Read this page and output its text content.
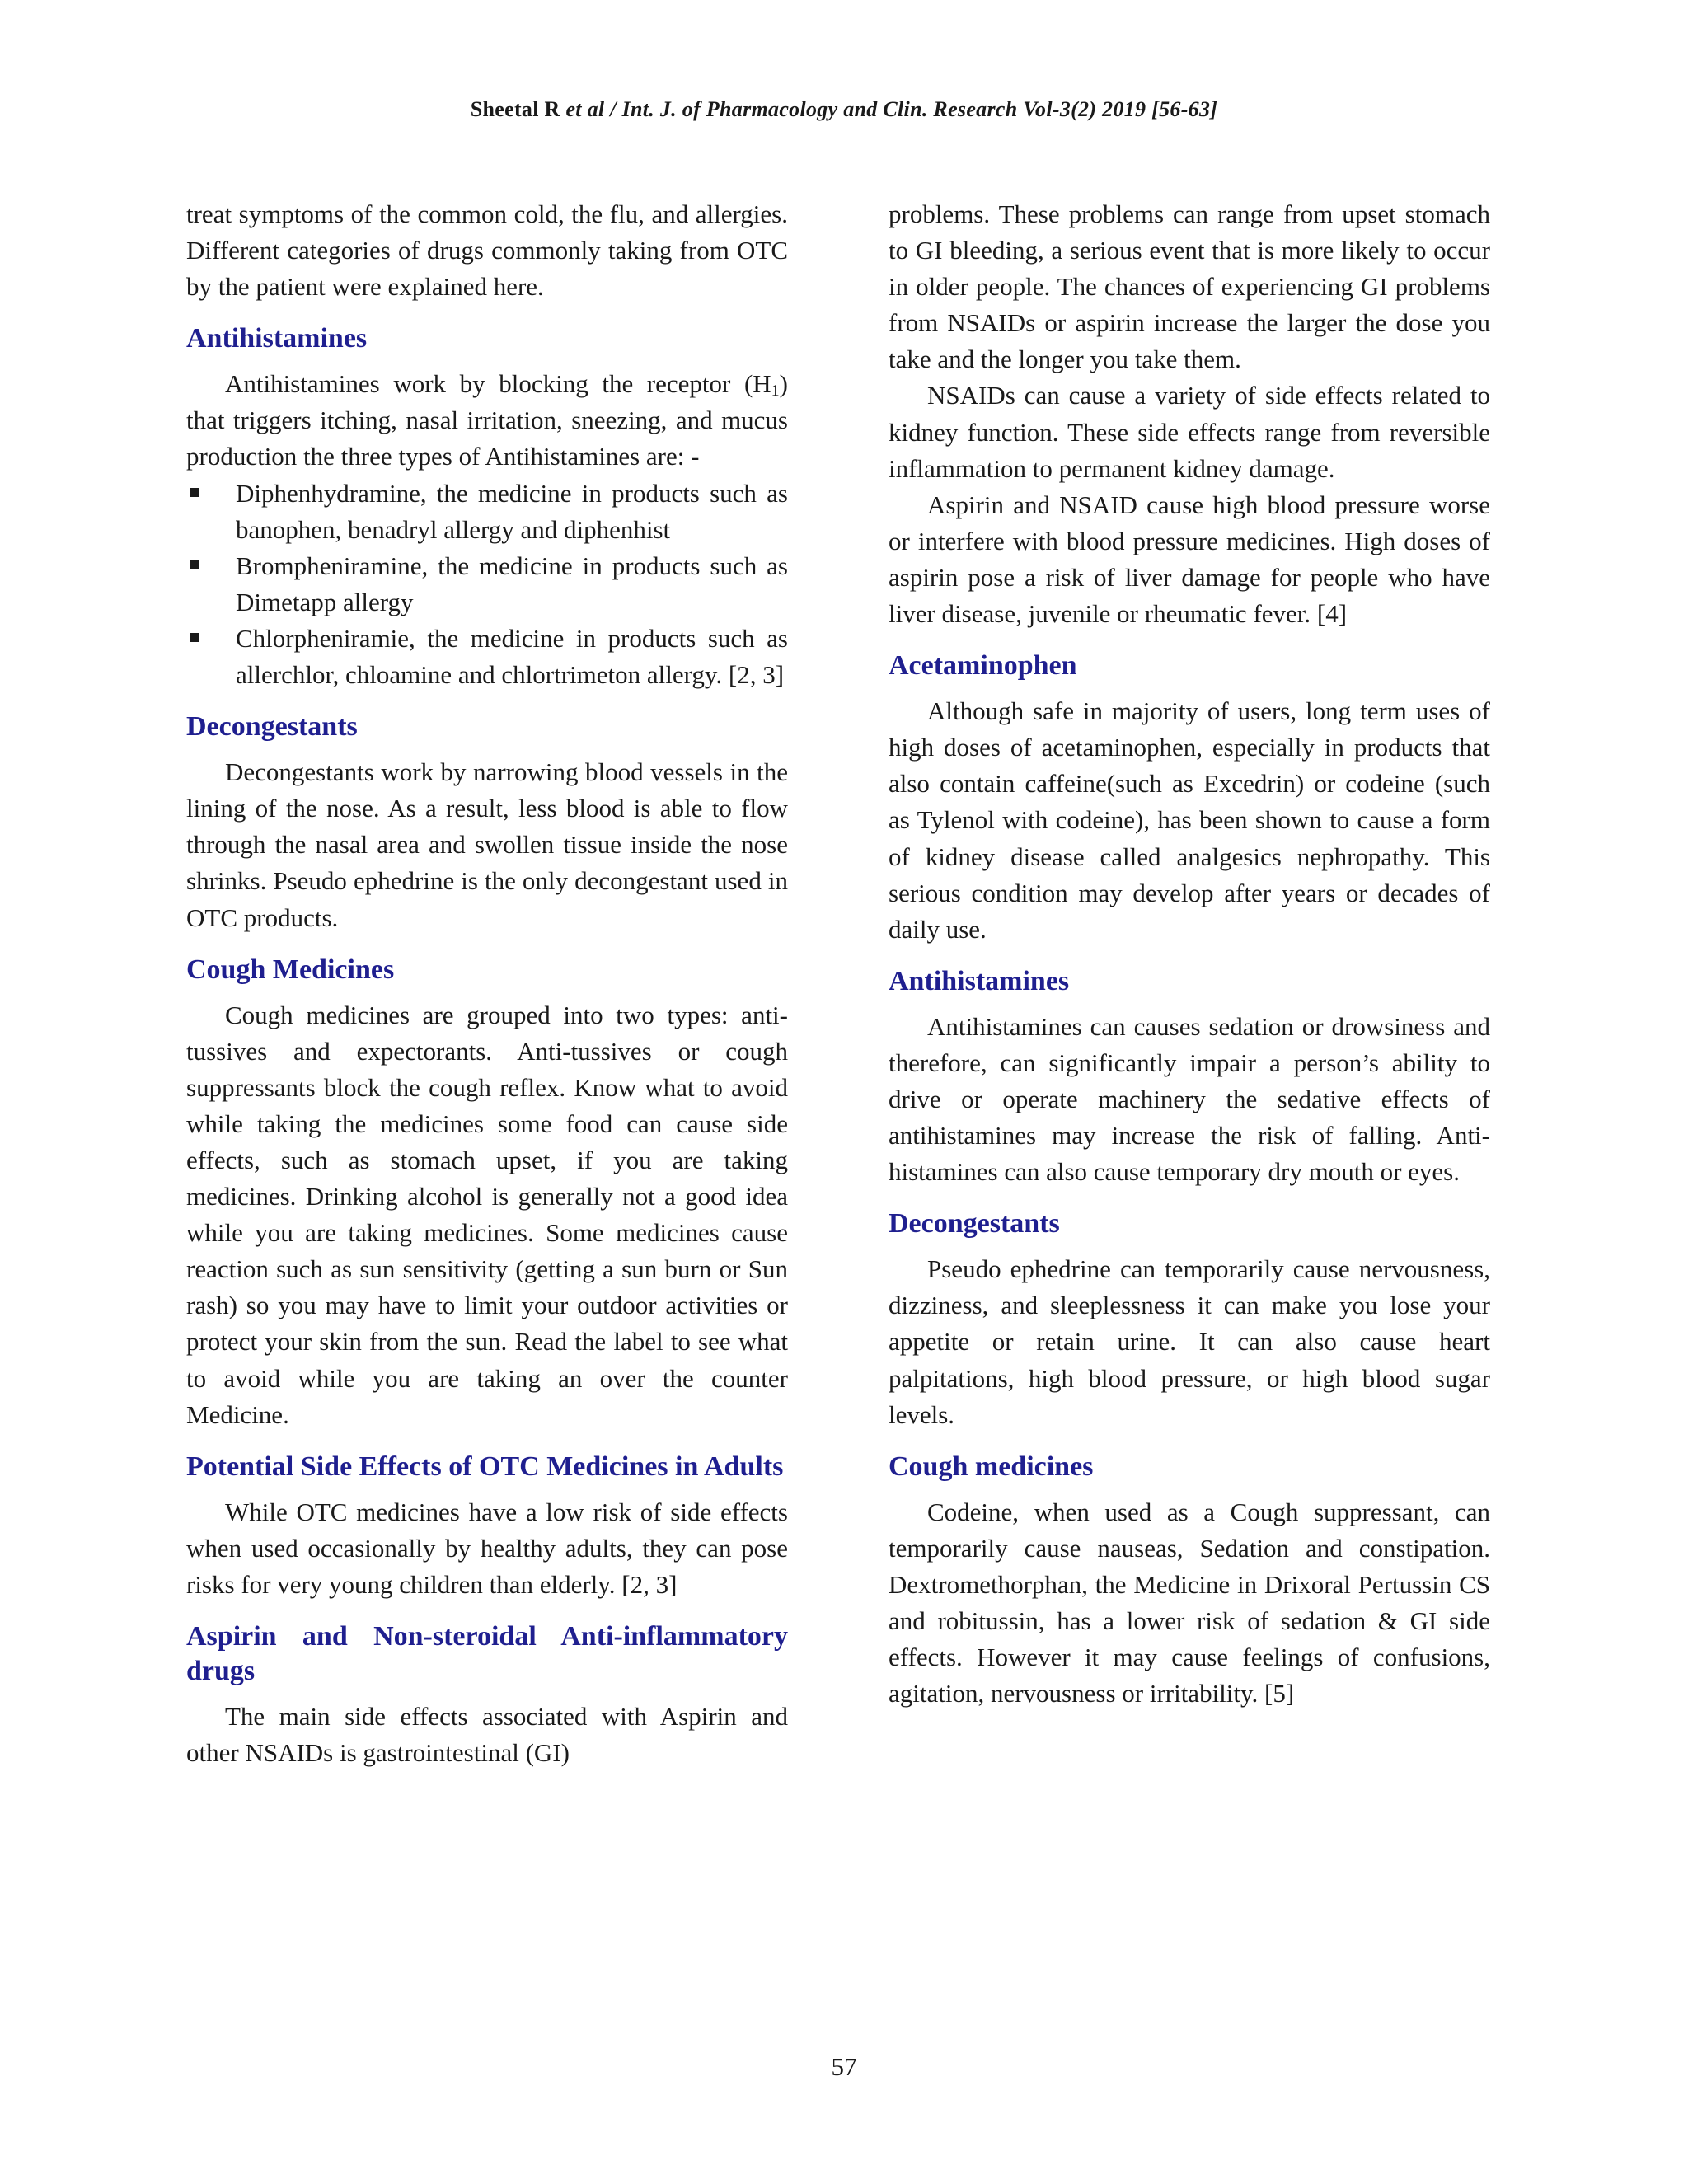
Sheetal R et al / Int. J. of Pharmacology and Clin. Research Vol-3(2) 2019 [56-63]

treat symptoms of the common cold, the flu, and allergies. Different categories of drugs commonly taking from OTC by the patient were explained here.

Antihistamines

Antihistamines work by blocking the receptor $(H_1)$ that triggers itching, nasal irritation, sneezing, and mucus production the three types of Antihistamines are: -

Diphenhydramine, the medicine in products such as banophen, benadryl allergy and diphenhist
Brompheniramine, the medicine in products such as Dimetapp allergy
Chlorpheniramie, the medicine in products such as allerchlor, chloamine and chlortrimeton allergy. [2, 3]
Decongestants

Decongestants work by narrowing blood vessels in the lining of the nose. As a result, less blood is able to flow through the nasal area and swollen tissue inside the nose shrinks. Pseudo ephedrine is the only decongestant used in OTC products.

Cough Medicines

Cough medicines are grouped into two types: anti-tussives and expectorants. Anti-tussives or cough suppressants block the cough reflex. Know what to avoid while taking the medicines some food can cause side effects, such as stomach upset, if you are taking medicines. Drinking alcohol is generally not a good idea while you are taking medicines. Some medicines cause reaction such as sun sensitivity (getting a sun burn or Sun rash) so you may have to limit your outdoor activities or protect your skin from the sun. Read the label to see what to avoid while you are taking an over the counter Medicine.

Potential Side Effects of OTC Medicines in Adults

While OTC medicines have a low risk of side effects when used occasionally by healthy adults, they can pose risks for very young children than elderly. [2, 3]

Aspirin and Non-steroidal Anti-inflammatory drugs

The main side effects associated with Aspirin and other NSAIDs is gastrointestinal (GI)

problems. These problems can range from upset stomach to GI bleeding, a serious event that is more likely to occur in older people. The chances of experiencing GI problems from NSAIDs or aspirin increase the larger the dose you take and the longer you take them.

NSAIDs can cause a variety of side effects related to kidney function. These side effects range from reversible inflammation to permanent kidney damage.

Aspirin and NSAID cause high blood pressure worse or interfere with blood pressure medicines. High doses of aspirin pose a risk of liver damage for people who have liver disease, juvenile or rheumatic fever. [4]

Acetaminophen

Although safe in majority of users, long term uses of high doses of acetaminophen, especially in products that also contain caffeine(such as Excedrin) or codeine (such as Tylenol with codeine), has been shown to cause a form of kidney disease called analgesics nephropathy. This serious condition may develop after years or decades of daily use.

Antihistamines

Antihistamines can causes sedation or drowsiness and therefore, can significantly impair a person’s ability to drive or operate machinery the sedative effects of antihistamines may increase the risk of falling. Anti-histamines can also cause temporary dry mouth or eyes.

Decongestants

Pseudo ephedrine can temporarily cause nervousness, dizziness, and sleeplessness it can make you lose your appetite or retain urine. It can also cause heart palpitations, high blood pressure, or high blood sugar levels.

Cough medicines

Codeine, when used as a Cough suppressant, can temporarily cause nauseas, Sedation and constipation. Dextromethorphan, the Medicine in Drixoral Pertussin CS and robitussin, has a lower risk of sedation & GI side effects. However it may cause feelings of confusions, agitation, nervousness or irritability. [5]

57
